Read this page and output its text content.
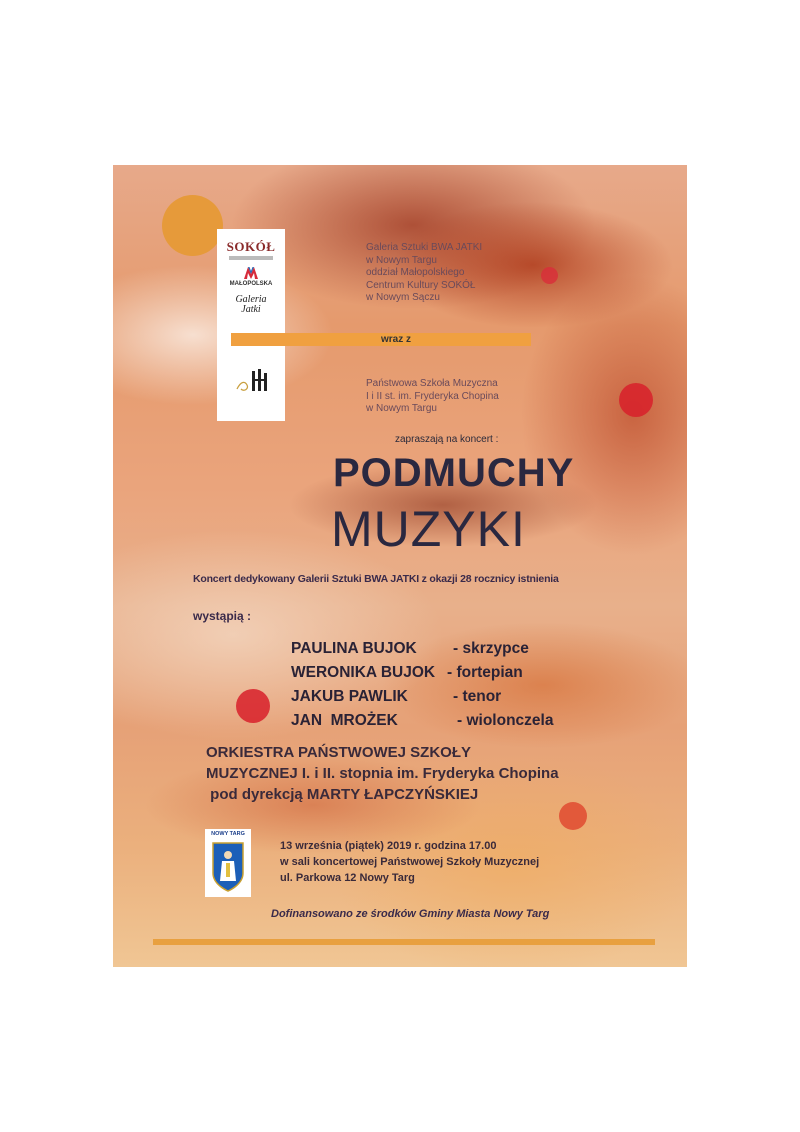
SOKÓŁ
MAŁOPOLSKA
Galeria
Jatki
Galeria Sztuki BWA JATKI
w Nowym Targu
oddział Małopolskiego
Centrum Kultury SOKÓŁ
w Nowym Sączu
wraz z
Państwowa Szkoła Muzyczna
I i II st. im. Fryderyka Chopina
w Nowym Targu
zapraszają na koncert :
PODMUCHY
MUZYKI
Koncert dedykowany Galerii Sztuki BWA JATKI z okazji 28 rocznicy istnienia
wystąpią :
PAULINA BUJOK - skrzypce
WERONIKA BUJOK - fortepian
JAKUB PAWLIK	- tenor
JAN  MROŻEK	- wiolonczela
ORKIESTRA PAŃSTWOWEJ SZKOŁY
MUZYCZNEJ I. i II. stopnia im. Fryderyka Chopina
pod dyrekcją MARTY ŁAPCZYŃSKIEJ
NOWY TARG
13 września (piątek) 2019 r. godzina 17.00
w sali koncertowej Państwowej Szkoły Muzycznej
ul. Parkowa 12 Nowy Targ
Dofinansowano ze środków Gminy Miasta Nowy Targ
